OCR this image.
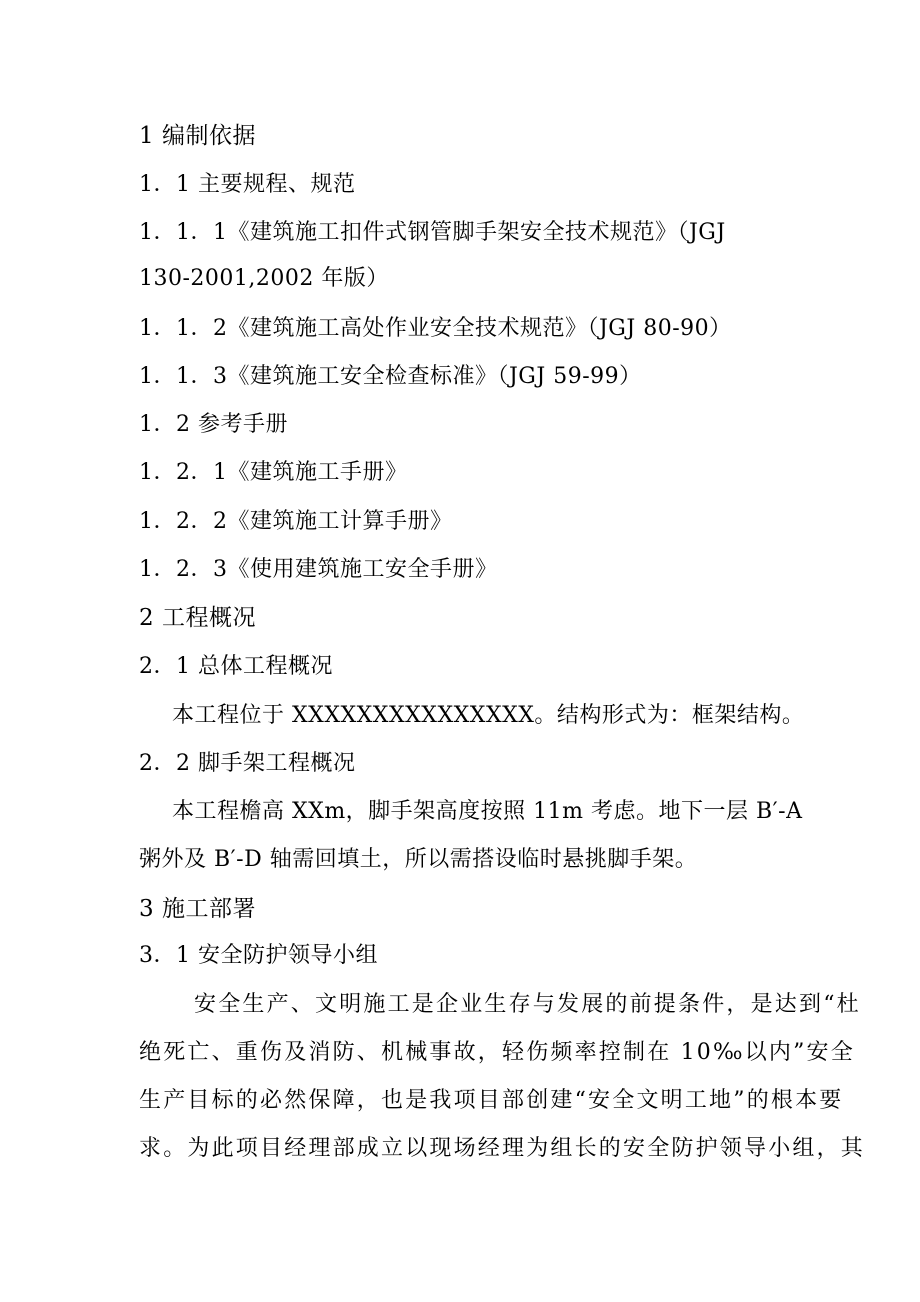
1 编制依据
1．1 主要规程、规范
1．1．1《建筑施工扣件式钢管脚手架安全技术规范》（JGJ
130-2001,2002 年版）
1．1．2《建筑施工高处作业安全技术规范》（JGJ 80-90）
1．1．3《建筑施工安全检查标准》（JGJ 59-99）
1．2 参考手册
1．2．1《建筑施工手册》
1．2．2《建筑施工计算手册》
1．2．3《使用建筑施工安全手册》
2 工程概况
2．1 总体工程概况
本工程位于 XXXXXXXXXXXXXXX。结构形式为：框架结构。
2．2 脚手架工程概况
本工程檐高 XXm，脚手架高度按照 11m 考虑。地下一层 B′-A
粥外及 B′-D 轴需回填土，所以需搭设临时悬挑脚手架。
3 施工部署
3．1 安全防护领导小组
安全生产、文明施工是企业生存与发展的前提条件，是达到“杜
绝死亡、重伤及消防、机械事故，轻伤频率控制在 10‰以内”安全
生产目标的必然保障，也是我项目部创建“安全文明工地”的根本要
求。为此项目经理部成立以现场经理为组长的安全防护领导小组，其
